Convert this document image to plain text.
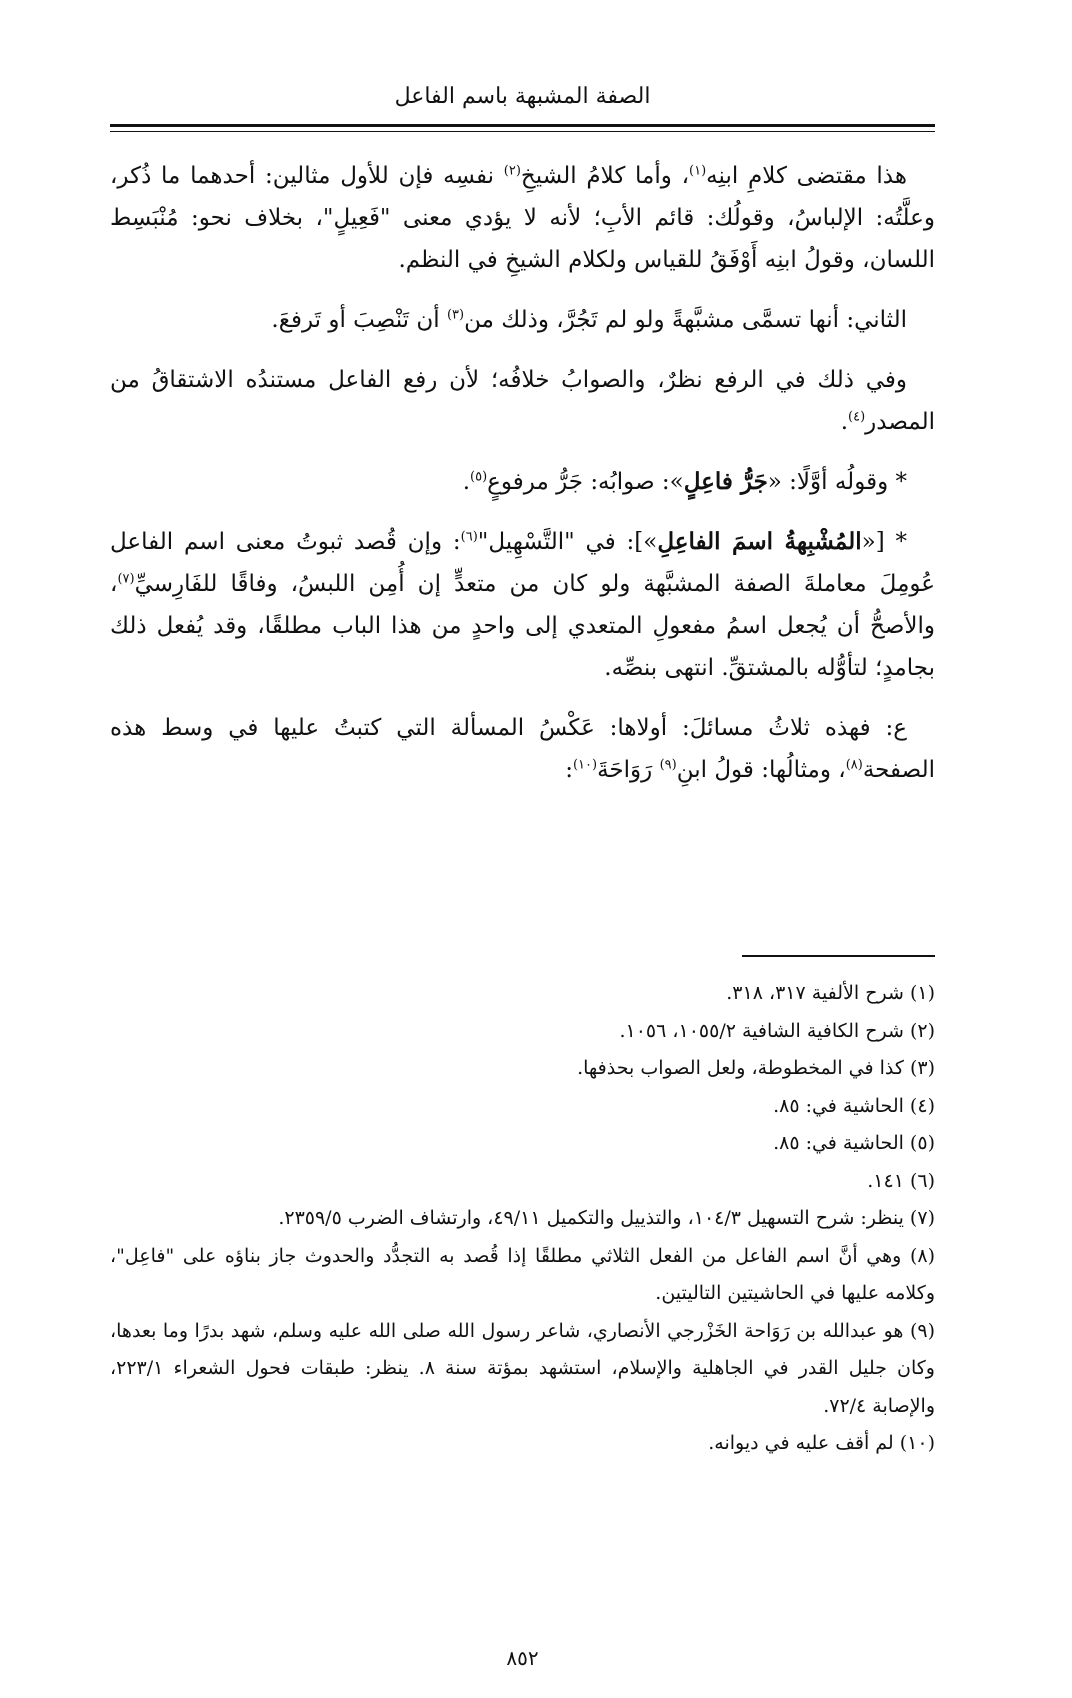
الصفة المشبهة باسم الفاعل

هذا مقتضى كلامِ ابنِه$^{(١)}$، وأما كلامُ الشيخِ$^{(٢)}$ نفسِه فإن للأول مثالين: أحدهما ما ذُكر، وعلَّتُه: الإلباسُ، وقولُك: قائم الأبِ؛ لأنه لا يؤدي معنى "فَعِيلٍ"، بخلاف نحو: مُنْبَسِط اللسان، وقولُ ابنِه أَوْفَقُ للقياس ولكلام الشيخِ في النظم.

الثاني: أنها تسمَّى مشبَّهةً ولو لم تَجُرَّ، وذلك من$^{(٣)}$ أن تَنْصِبَ أو تَرفعَ.

وفي ذلك في الرفع نظرٌ، والصوابُ خلافُه؛ لأن رفع الفاعل مستندُه الاشتقاقُ من المصدر$^{(٤)}$.

* وقولُه أوَّلًا: «جَرُّ فاعِلٍ»: صوابُه: جَرُّ مرفوعٍ$^{(٥)}$.

* [«المُشْبِهةُ اسمَ الفاعِلِ»]: في "التَّسْهِيل"$^{(٦)}$: وإن قُصد ثبوتُ معنى اسم الفاعل عُومِلَ معاملةَ الصفة المشبَّهة ولو كان من متعدٍّ إن أُمِن اللبسُ، وفاقًا للفَارِسيِّ$^{(٧)}$، والأصحُّ أن يُجعل اسمُ مفعولِ المتعدي إلى واحدٍ من هذا الباب مطلقًا، وقد يُفعل ذلك بجامدٍ؛ لتأوُّله بالمشتقِّ. انتهى بنصِّه.

ع: فهذه ثلاثُ مسائلَ: أولاها: عَكْسُ المسألة التي كتبتُ عليها في وسط هذه الصفحة$^{(٨)}$، ومثالُها: قولُ ابنِ$^{(٩)}$ رَوَاحَةَ$^{(١٠)}$:

(١) شرح الألفية ٣١٧، ٣١٨.

(٢) شرح الكافية الشافية ١٠٥٥/٢، ١٠٥٦.

(٣) كذا في المخطوطة، ولعل الصواب بحذفها.

(٤) الحاشية في: ٨٥.

(٥) الحاشية في: ٨٥.

(٦) ١٤١.

(٧) ينظر: شرح التسهيل ١٠٤/٣، والتذييل والتكميل ٤٩/١١، وارتشاف الضرب ٢٣٥٩/٥.

(٨) وهي أنَّ اسم الفاعل من الفعل الثلاثي مطلقًا إذا قُصد به التجدُّد والحدوث جاز بناؤه على "فاعِل"، وكلامه عليها في الحاشيتين التاليتين.

(٩) هو عبدالله بن رَوَاحة الخَزْرجي الأنصاري، شاعر رسول الله صلى الله عليه وسلم، شهد بدرًا وما بعدها، وكان جليل القدر في الجاهلية والإسلام، استشهد بمؤتة سنة ٨. ينظر: طبقات فحول الشعراء ٢٢٣/١، والإصابة ٧٢/٤.

(١٠) لم أقف عليه في ديوانه.

٨٥٢
